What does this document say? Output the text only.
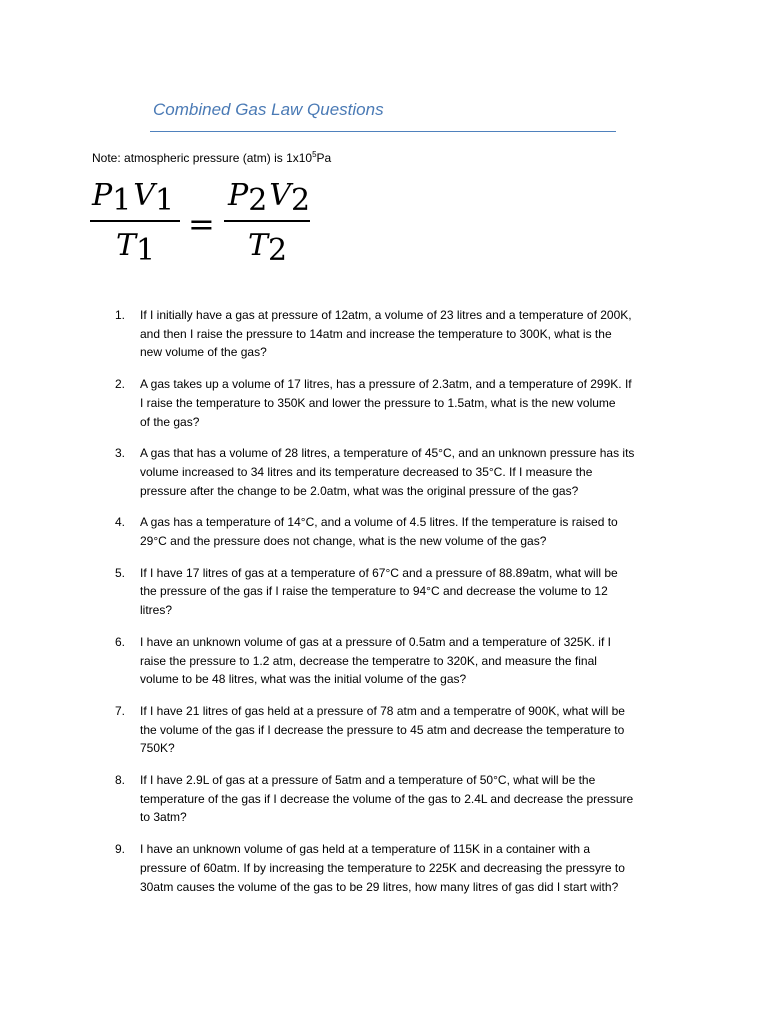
Combined Gas Law Questions
Note: atmospheric pressure (atm) is $1x10^5Pa$
P1V1
T1
=
P2V2
T2
1. If I initially have a gas at pressure of 12atm, a volume of 23 litres and a temperature of 200K,
and then I raise the pressure to 14atm and increase the temperature to 300K, what is the
new volume of the gas?
2. A gas takes up a volume of 17 litres, has a pressure of 2.3atm, and a temperature of 299K. If
I raise the temperature to 350K and lower the pressure to 1.5atm, what is the new volume
of the gas?
3. A gas that has a volume of 28 litres, a temperature of 45°C, and an unknown pressure has its
volume increased to 34 litres and its temperature decreased to 35°C. If I measure the
pressure after the change to be 2.0atm, what was the original pressure of the gas?
4. A gas has a temperature of 14°C, and a volume of 4.5 litres. If the temperature is raised to
29°C and the pressure does not change, what is the new volume of the gas?
5. If I have 17 litres of gas at a temperature of 67°C and a pressure of 88.89atm, what will be
the pressure of the gas if I raise the temperature to 94°C and decrease the volume to 12
litres?
6. I have an unknown volume of gas at a pressure of 0.5atm and a temperature of 325K. if I
raise the pressure to 1.2 atm, decrease the temperatre to 320K, and measure the final
volume to be 48 litres, what was the initial volume of the gas?
7. If I have 21 litres of gas held at a pressure of 78 atm and a temperatre of 900K, what will be
the volume of the gas if I decrease the pressure to 45 atm and decrease the temperature to
750K?
8. If I have 2.9L of gas at a pressure of 5atm and a temperature of 50°C, what will be the
temperature of the gas if I decrease the volume of the gas to 2.4L and decrease the pressure
to 3atm?
9. I have an unknown volume of gas held at a temperature of 115K in a container with a
pressure of 60atm. If by increasing the temperature to 225K and decreasing the pressyre to
30atm causes the volume of the gas to be 29 litres, how many litres of gas did I start with?
